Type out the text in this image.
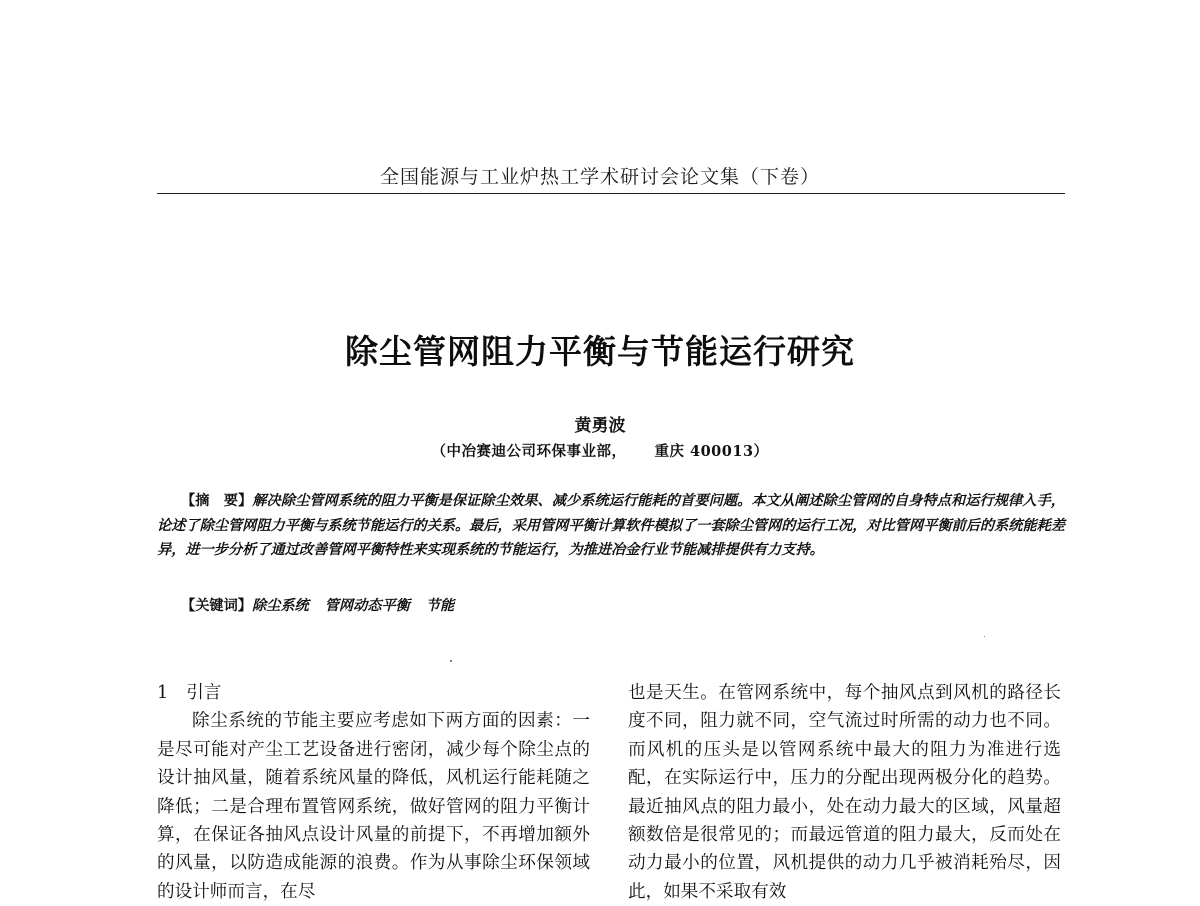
全国能源与工业炉热工学术研讨会论文集（下卷）
除尘管网阻力平衡与节能运行研究
黄勇波
（中冶赛迪公司环保事业部， 重庆 400013）

【摘　要】解决除尘管网系统的阻力平衡是保证除尘效果、减少系统运行能耗的首要问题。本文从阐述除尘管网的自身特点和运行规律入手，论述了除尘管网阻力平衡与系统节能运行的关系。最后，采用管网平衡计算软件模拟了一套除尘管网的运行工况，对比管网平衡前后的系统能耗差异，进一步分析了通过改善管网平衡特性来实现系统的节能运行，为推进冶金行业节能减排提供有力支持。

【关键词】除尘系统 管网动态平衡 节能

1 引言

除尘系统的节能主要应考虑如下两方面的因素：一是尽可能对产尘工艺设备进行密闭，减少每个除尘点的设计抽风量，随着系统风量的降低，风机运行能耗随之降低；二是合理布置管网系统，做好管网的阻力平衡计算，在保证各抽风点设计风量的前提下，不再增加额外的风量，以防造成能源的浪费。作为从事除尘环保领域的设计师而言，在尽

也是天生。在管网系统中，每个抽风点到风机的路径长度不同，阻力就不同，空气流过时所需的动力也不同。而风机的压头是以管网系统中最大的阻力为准进行选配，在实际运行中，压力的分配出现两极分化的趋势。最近抽风点的阻力最小，处在动力最大的区域，风量超额数倍是很常见的；而最远管道的阻力最大，反而处在动力最小的位置，风机提供的动力几乎被消耗殆尽，因此，如果不采取有效
